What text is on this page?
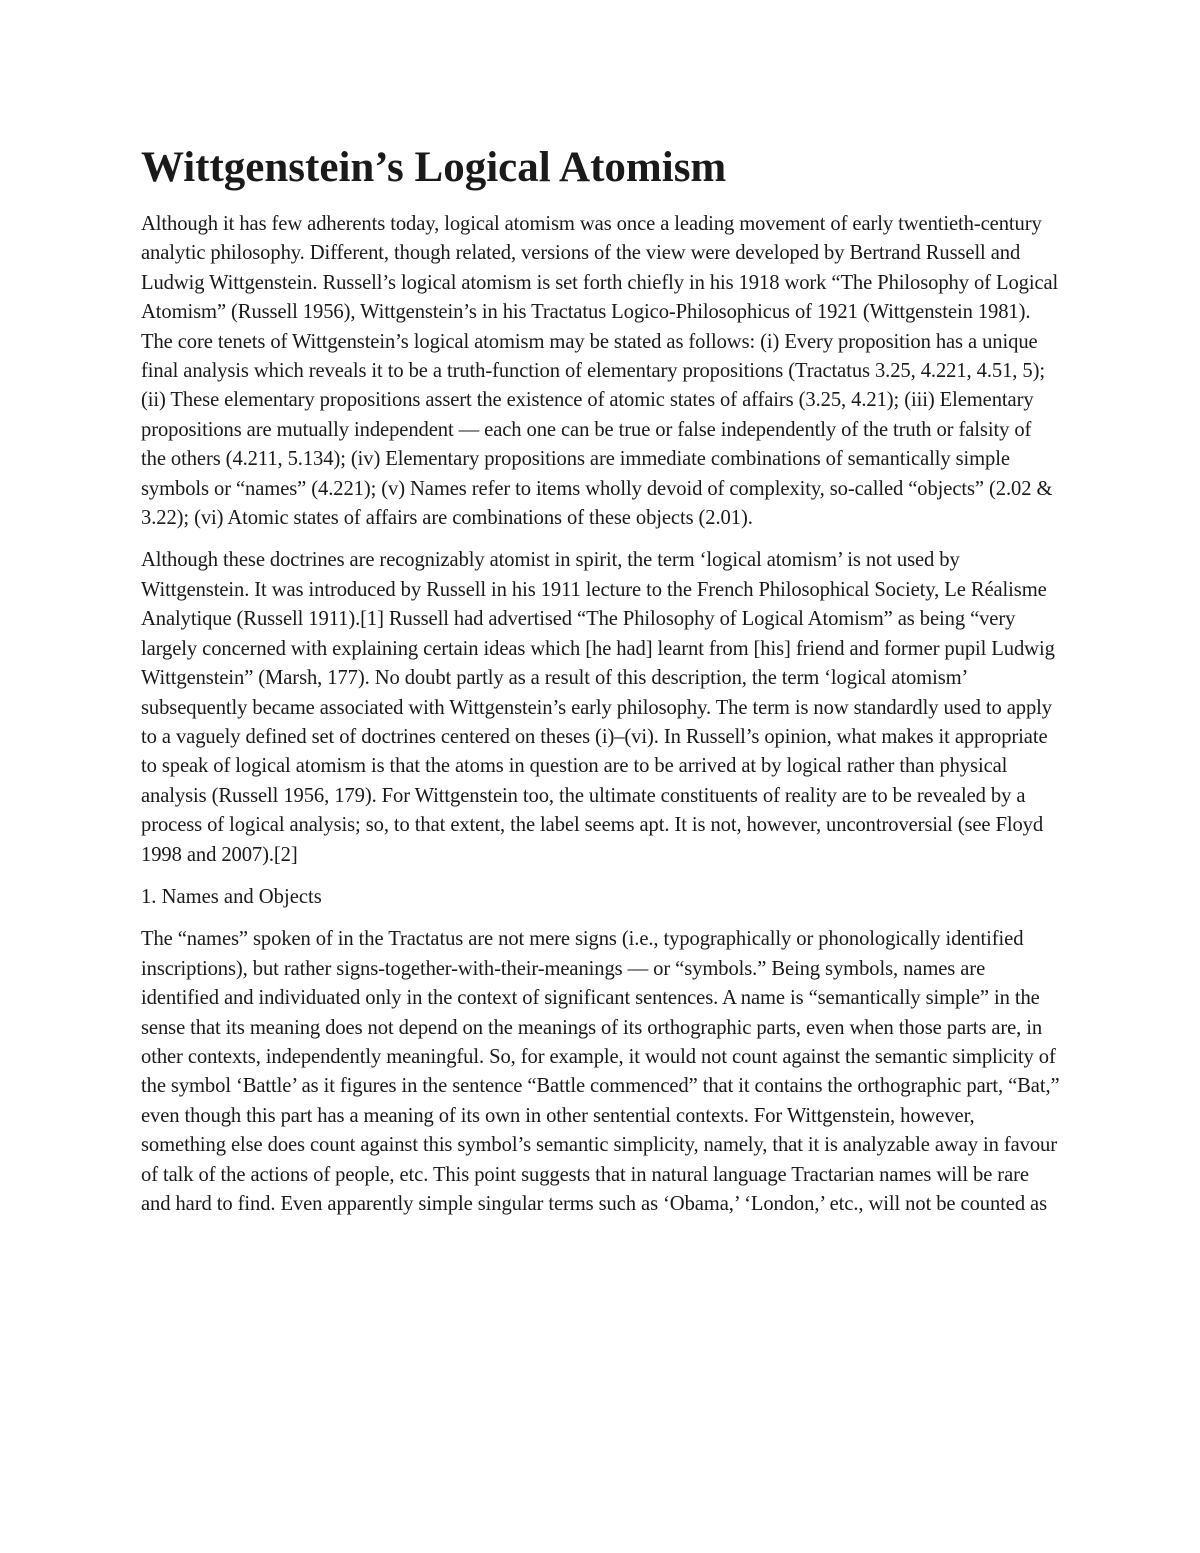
Wittgenstein’s Logical Atomism

Although it has few adherents today, logical atomism was once a leading movement of early twentieth-century analytic philosophy. Different, though related, versions of the view were developed by Bertrand Russell and Ludwig Wittgenstein. Russell’s logical atomism is set forth chiefly in his 1918 work “The Philosophy of Logical Atomism” (Russell 1956), Wittgenstein’s in his Tractatus Logico-Philosophicus of 1921 (Wittgenstein 1981). The core tenets of Wittgenstein’s logical atomism may be stated as follows: (i) Every proposition has a unique final analysis which reveals it to be a truth-function of elementary propositions (Tractatus 3.25, 4.221, 4.51, 5); (ii) These elementary propositions assert the existence of atomic states of affairs (3.25, 4.21); (iii) Elementary propositions are mutually independent — each one can be true or false independently of the truth or falsity of the others (4.211, 5.134); (iv) Elementary propositions are immediate combinations of semantically simple symbols or “names” (4.221); (v) Names refer to items wholly devoid of complexity, so-called “objects” (2.02 & 3.22); (vi) Atomic states of affairs are combinations of these objects (2.01).

Although these doctrines are recognizably atomist in spirit, the term ‘logical atomism’ is not used by Wittgenstein. It was introduced by Russell in his 1911 lecture to the French Philosophical Society, Le Réalisme Analytique (Russell 1911).[1] Russell had advertised “The Philosophy of Logical Atomism” as being “very largely concerned with explaining certain ideas which [he had] learnt from [his] friend and former pupil Ludwig Wittgenstein” (Marsh, 177). No doubt partly as a result of this description, the term ‘logical atomism’ subsequently became associated with Wittgenstein’s early philosophy. The term is now standardly used to apply to a vaguely defined set of doctrines centered on theses (i)–(vi). In Russell’s opinion, what makes it appropriate to speak of logical atomism is that the atoms in question are to be arrived at by logical rather than physical analysis (Russell 1956, 179). For Wittgenstein too, the ultimate constituents of reality are to be revealed by a process of logical analysis; so, to that extent, the label seems apt. It is not, however, uncontroversial (see Floyd 1998 and 2007).[2]

1. Names and Objects

The “names” spoken of in the Tractatus are not mere signs (i.e., typographically or phonologically identified inscriptions), but rather signs-together-with-their-meanings — or “symbols.” Being symbols, names are identified and individuated only in the context of significant sentences. A name is “semantically simple” in the sense that its meaning does not depend on the meanings of its orthographic parts, even when those parts are, in other contexts, independently meaningful. So, for example, it would not count against the semantic simplicity of the symbol ‘Battle’ as it figures in the sentence “Battle commenced” that it contains the orthographic part, “Bat,” even though this part has a meaning of its own in other sentential contexts. For Wittgenstein, however, something else does count against this symbol’s semantic simplicity, namely, that it is analyzable away in favour of talk of the actions of people, etc. This point suggests that in natural language Tractarian names will be rare and hard to find. Even apparently simple singular terms such as ‘Obama,’ ‘London,’ etc., will not be counted as
